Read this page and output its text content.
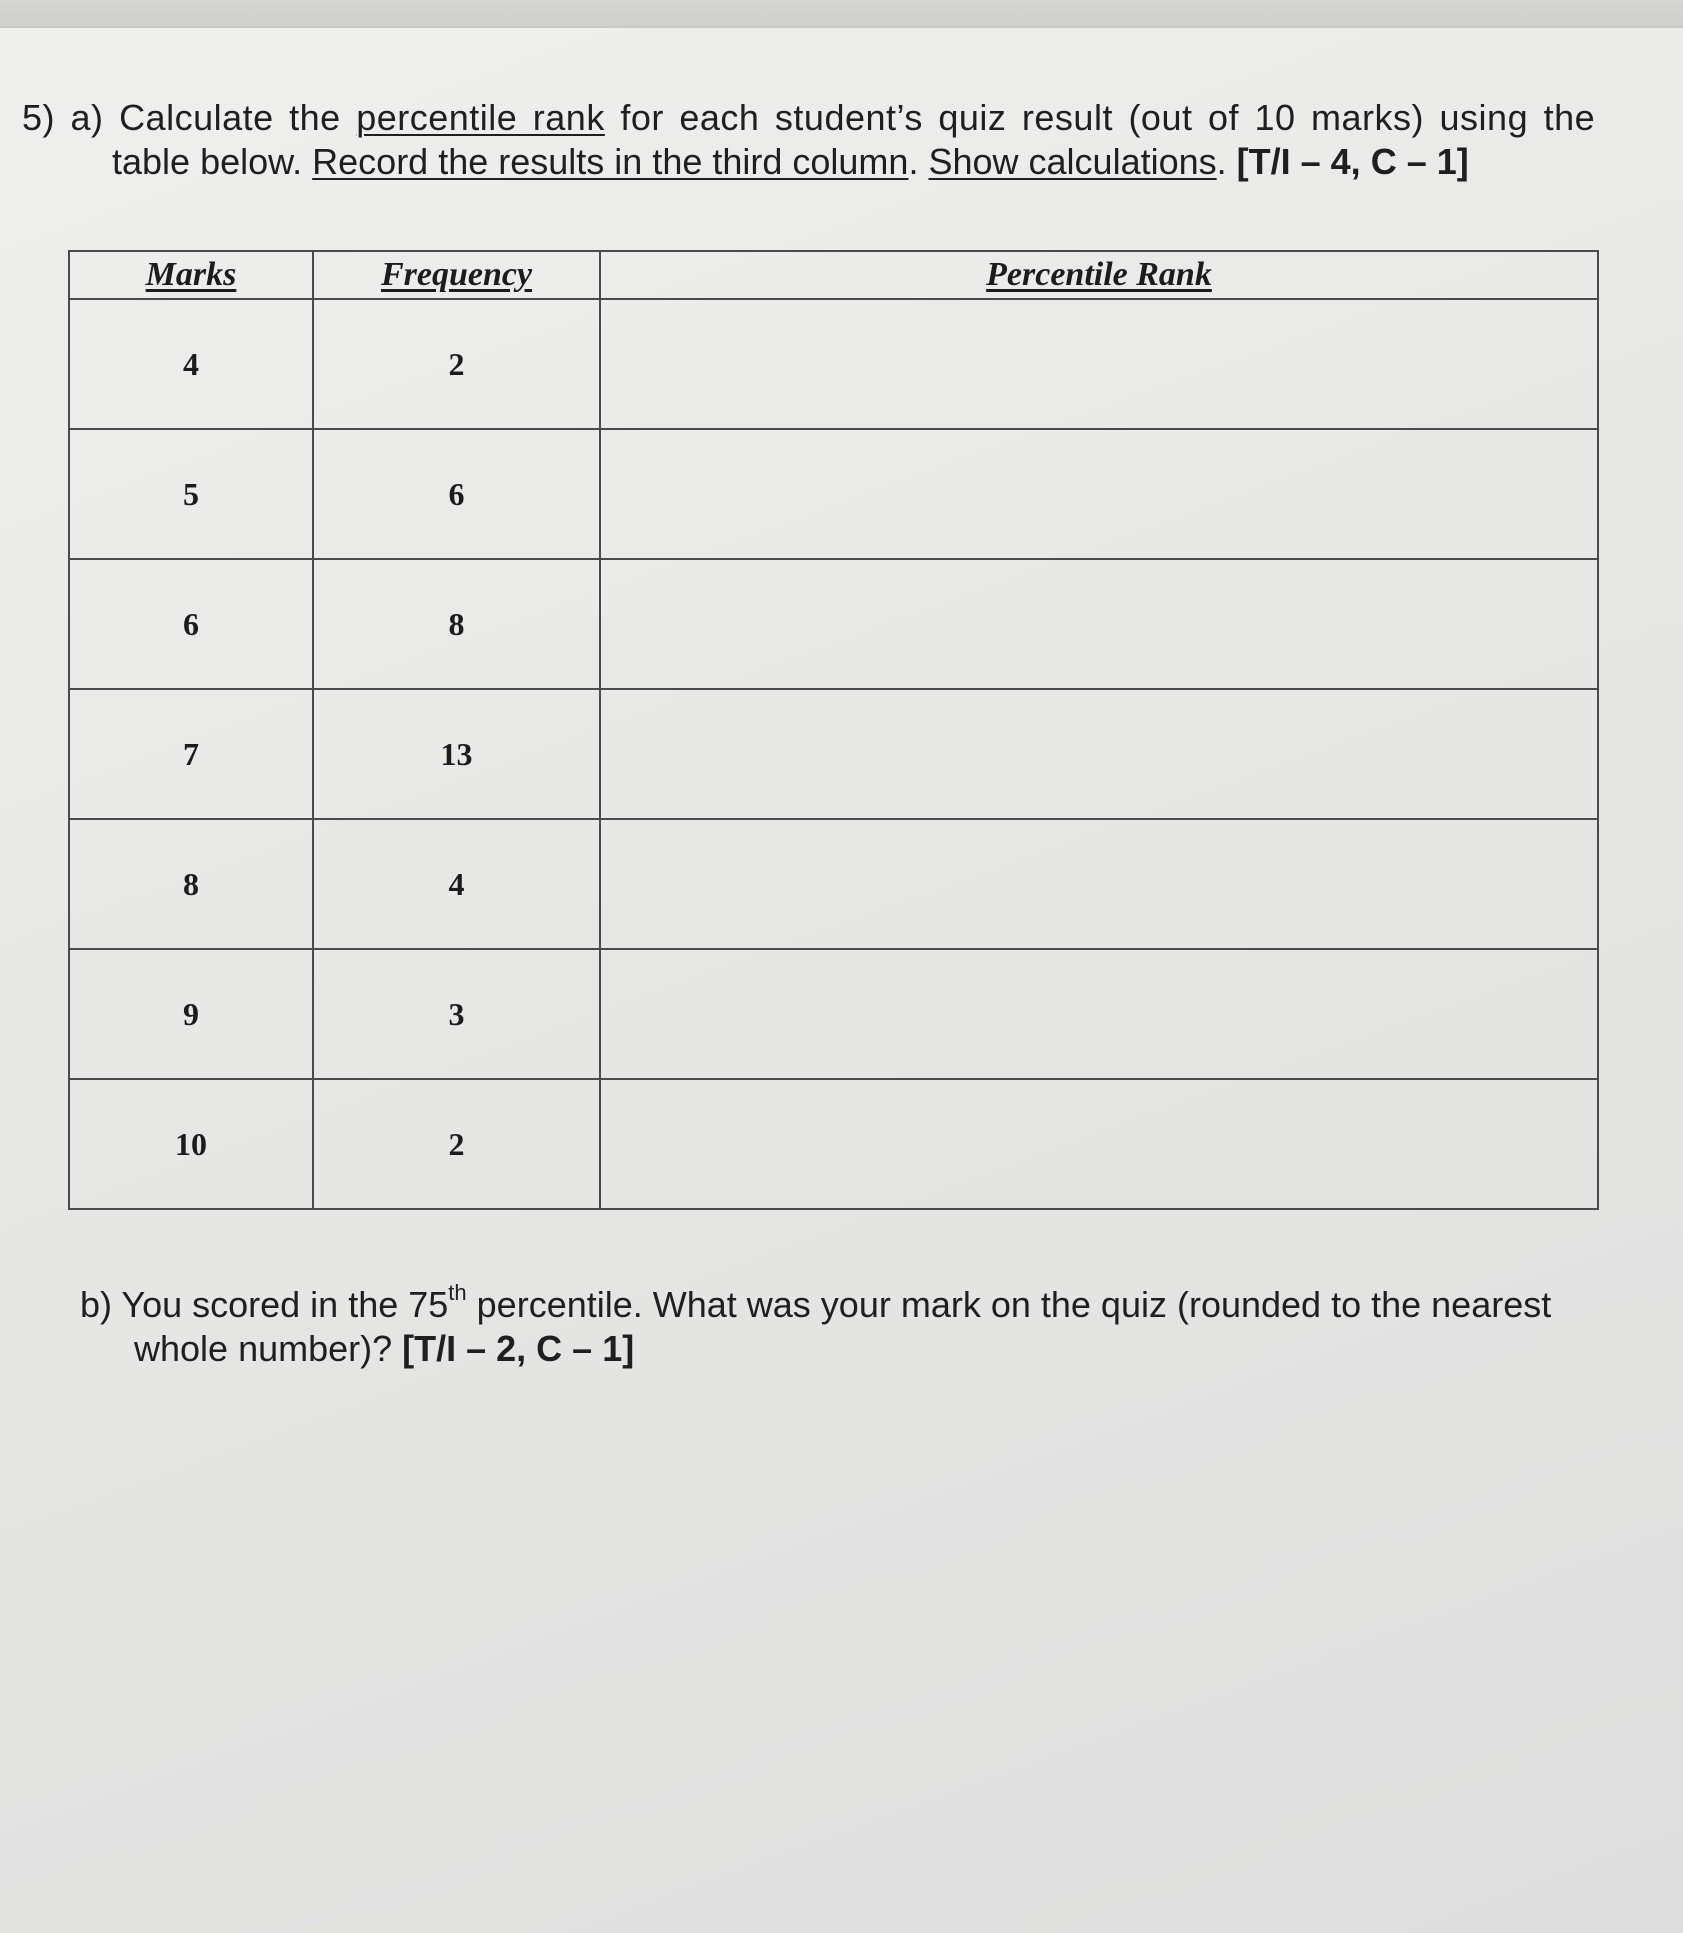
5) a) Calculate the percentile rank for each student’s quiz result (out of 10 marks) using the
table below. Record the results in the third column. Show calculations. [T/I – 4, C – 1]
Marks	Frequency	Percentile Rank
4	2	
5	6	
6	8	
7	13	
8	4	
9	3	
10	2	
b) You scored in the 75th percentile. What was your mark on the quiz (rounded to the nearest
whole number)? [T/I – 2, C – 1]
